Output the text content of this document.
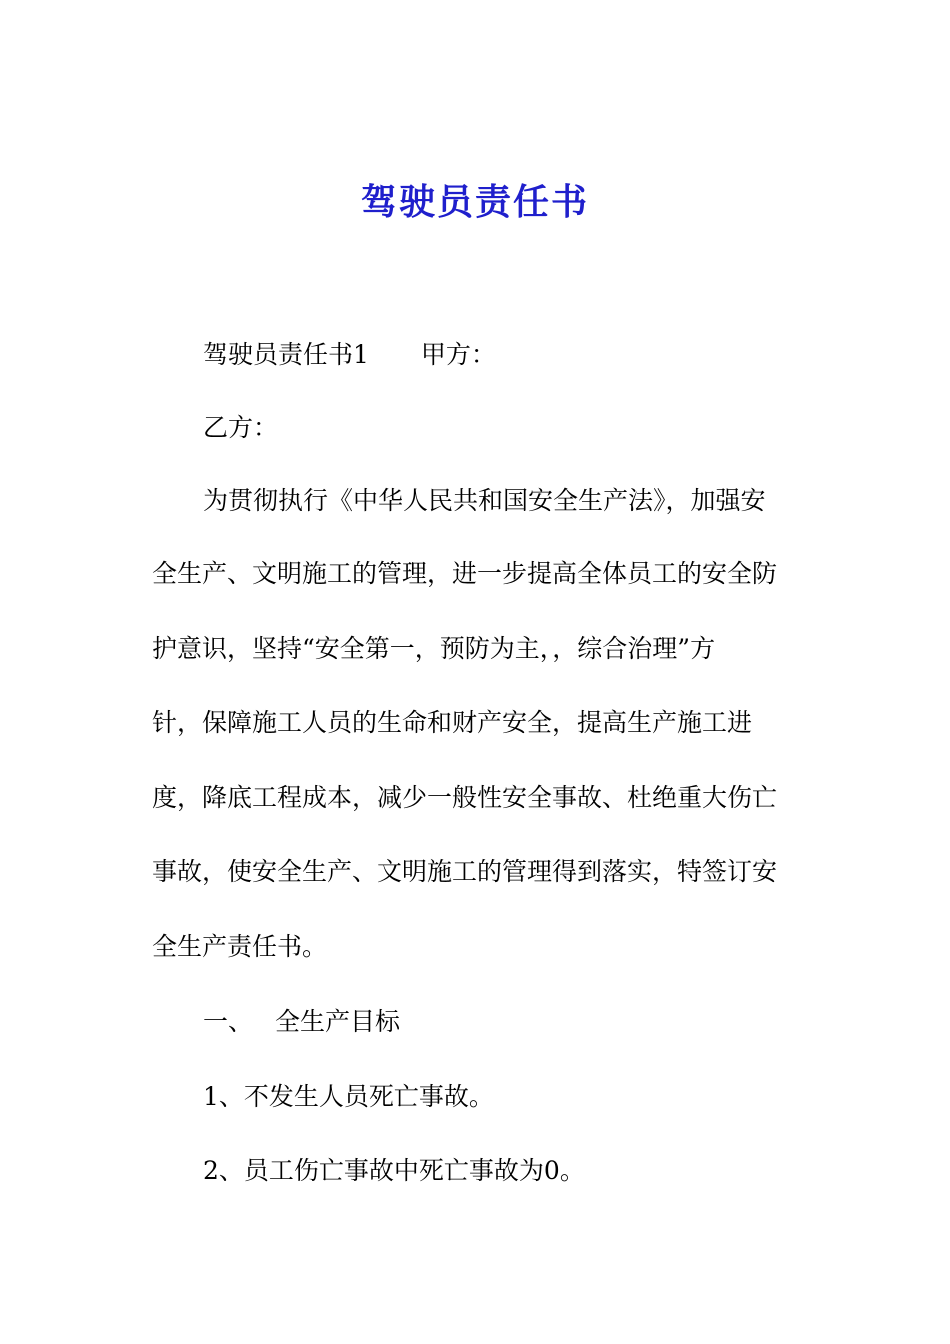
驾驶员责任书

驾驶员责任书1 甲方：

乙方：

为贯彻执行《中华人民共和国安全生产法》，加强安

全生产、文明施工的管理，进一步提高全体员工的安全防

护意识，坚持“安全第一，预防为主，，综合治理”方

针，保障施工人员的生命和财产安全，提高生产施工进

度，降底工程成本，减少一般性安全事故、杜绝重大伤亡

事故，使安全生产、文明施工的管理得到落实，特签订安

全生产责任书。

一、 全生产目标

1、不发生人员死亡事故。

2、员工伤亡事故中死亡事故为0。
